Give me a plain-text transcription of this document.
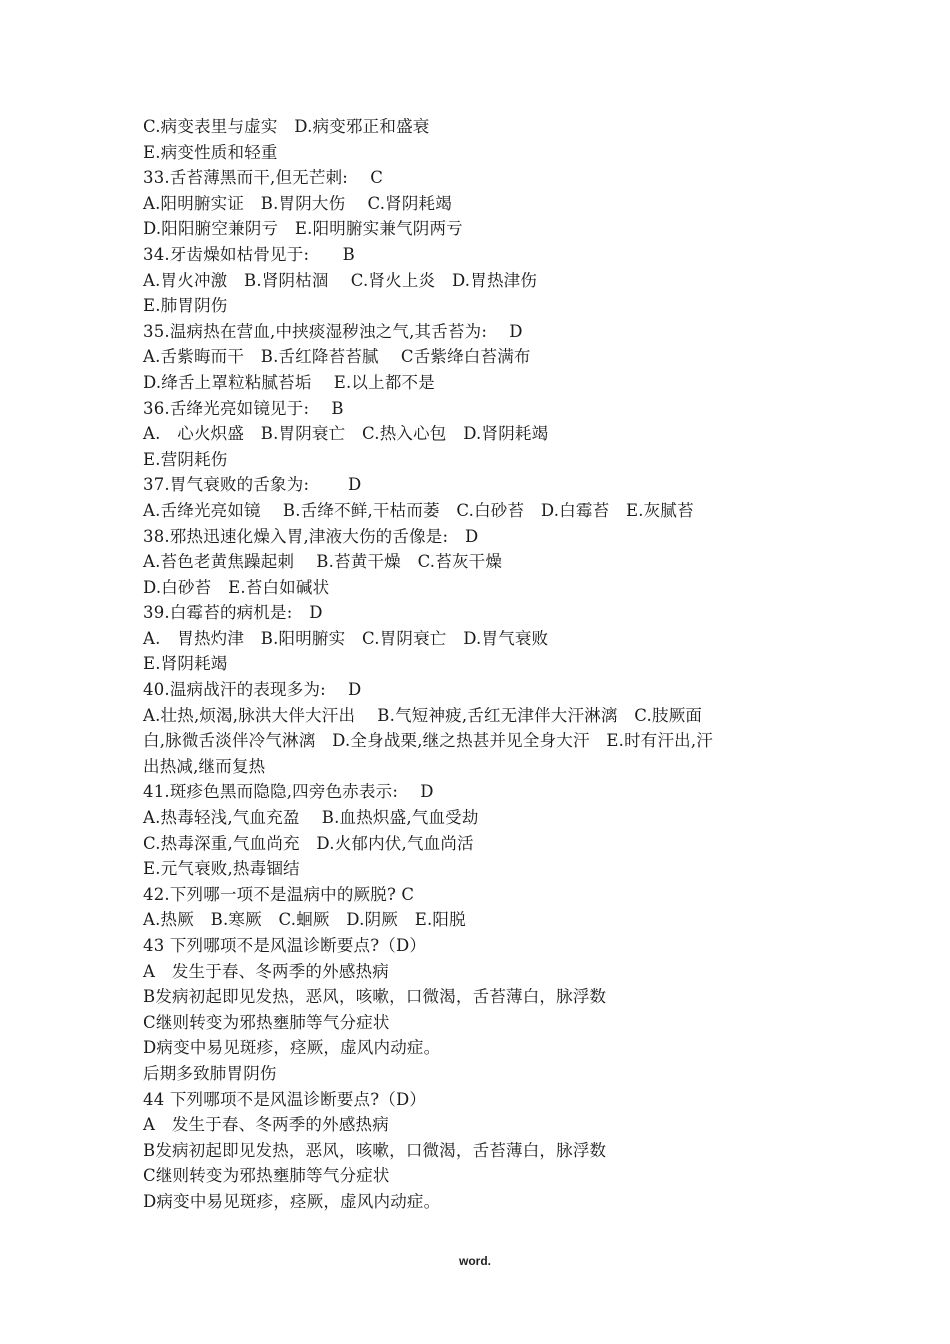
C.病变表里与虚实　D.病变邪正和盛衰
E.病变性质和轻重
33.舌苔薄黑而干,但无芒刺:　 C
A.阳明腑实证　B.胃阴大伤　 C.肾阴耗竭
D.阳阳腑空兼阴亏　E.阳明腑实兼气阴两亏
34.牙齿燥如枯骨见于:　　B
A.胃火冲激　B.肾阴枯涸　 C.肾火上炎　D.胃热津伤
E.肺胃阴伤
35.温病热在营血,中挟痰湿秽浊之气,其舌苔为:　 D
A.舌紫晦而干　B.舌红降苔苔腻　 C舌紫绛白苔满布
D.绛舌上罩粒粘腻苔垢　 E.以上都不是
36.舌绛光亮如镜见于:　 B
A.　心火炽盛　B.胃阴衰亡　C.热入心包　D.肾阴耗竭
E.营阴耗伤
37.胃气衰败的舌象为:　　 D
A.舌绛光亮如镜　 B.舌绛不鲜,干枯而萎　C.白砂苔　D.白霉苔　E.灰腻苔
38.邪热迅速化燥入胃,津液大伤的舌像是:　D
A.苔色老黄焦躁起刺　 B.苔黄干燥　C.苔灰干燥
D.白砂苔　E.苔白如碱状
39.白霉苔的病机是:　D
A.　胃热灼津　B.阳明腑实　C.胃阴衰亡　D.胃气衰败
E.肾阴耗竭
40.温病战汗的表现多为:　 D
A.壮热,烦渴,脉洪大伴大汗出　 B.气短神疲,舌红无津伴大汗淋漓　C.肢厥面
白,脉微舌淡伴冷气淋漓　D.全身战栗,继之热甚并见全身大汗　E.时有汗出,汗
出热减,继而复热
41.斑疹色黑而隐隐,四旁色赤表示:　 D
A.热毒轻浅,气血充盈　 B.血热炽盛,气血受劫
C.热毒深重,气血尚充　D.火郁内伏,气血尚活
E.元气衰败,热毒锢结
42.下列哪一项不是温病中的厥脱? C
A.热厥　B.寒厥　C.蛔厥　D.阴厥　E.阳脱
43 下列哪项不是风温诊断要点?（D）
A　发生于春、冬两季的外感热病
B发病初起即见发热，恶风，咳嗽，口微渴，舌苔薄白，脉浮数
C继则转变为邪热壅肺等气分症状
D病变中易见斑疹，痉厥，虚风内动症。
后期多致肺胃阴伤
44 下列哪项不是风温诊断要点?（D）
A　发生于春、冬两季的外感热病
B发病初起即见发热，恶风，咳嗽，口微渴，舌苔薄白，脉浮数
C继则转变为邪热壅肺等气分症状
D病变中易见斑疹，痉厥，虚风内动症。
word.
